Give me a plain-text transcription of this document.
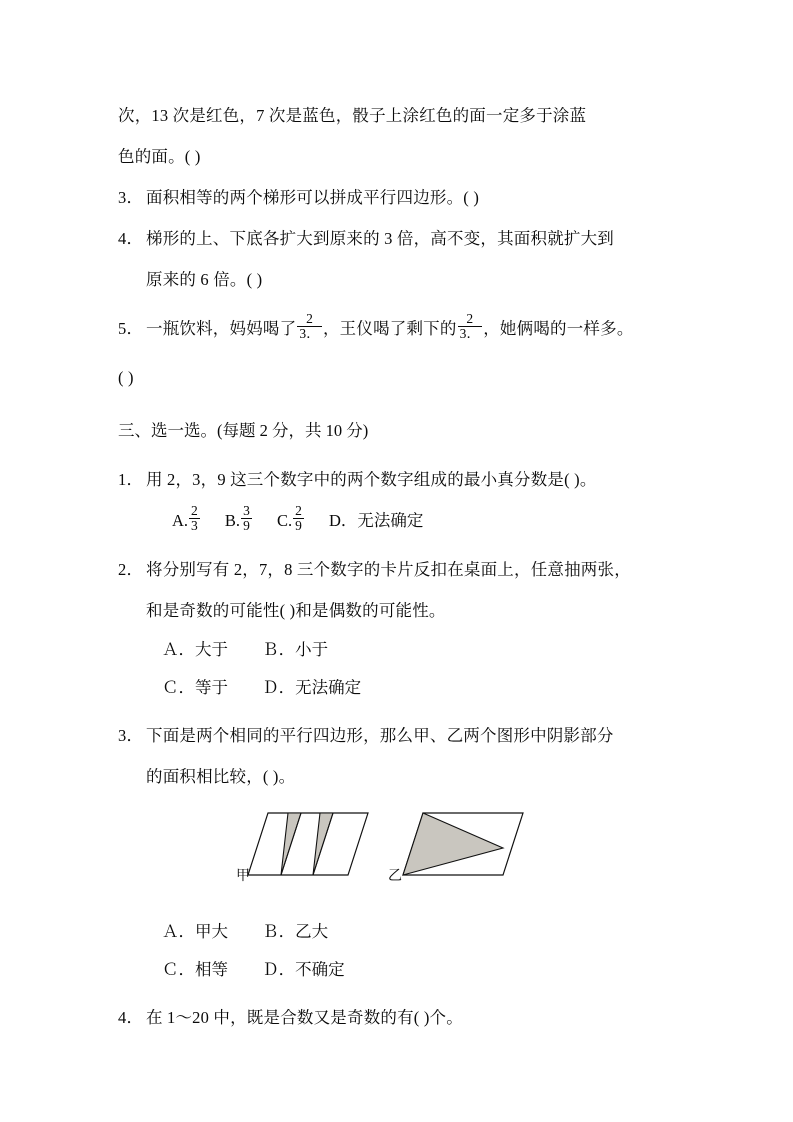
次，13 次是红色，7 次是蓝色，骰子上涂红色的面一定多于涂蓝
色的面。( )
3． 面积相等的两个梯形可以拼成平行四边形。( )
4． 梯形的上、下底各扩大到原来的 3 倍，高不变，其面积就扩大到
原来的 6 倍。( )
5． 一瓶饮料，妈妈喝了 $\frac{2}{3.}$ ，王仪喝了剩下的 $\frac{2}{3.}$ ，她俩喝的一样多。
( )
三、选一选。(每题 2 分，共 10 分)
1． 用 2，3，9 这三个数字中的两个数字组成的最小真分数是( )。
A. $\frac{2}{3} B$. $\frac{3}{9} C$. $\frac{2}{9}$ D．无法确定
2． 将分别写有 2，7，8 三个数字的卡片反扣在桌面上，任意抽两张，
和是奇数的可能性( )和是偶数的可能性。
Ａ．大于 Ｂ．小于
Ｃ．等于 Ｄ．无法确定
3． 下面是两个相同的平行四边形，那么甲、乙两个图形中阴影部分
的面积相比较，( )。
甲	乙
Ａ．甲大 Ｂ．乙大
Ｃ．相等 Ｄ．不确定
4． 在 1～20 中，既是合数又是奇数的有( )个。
